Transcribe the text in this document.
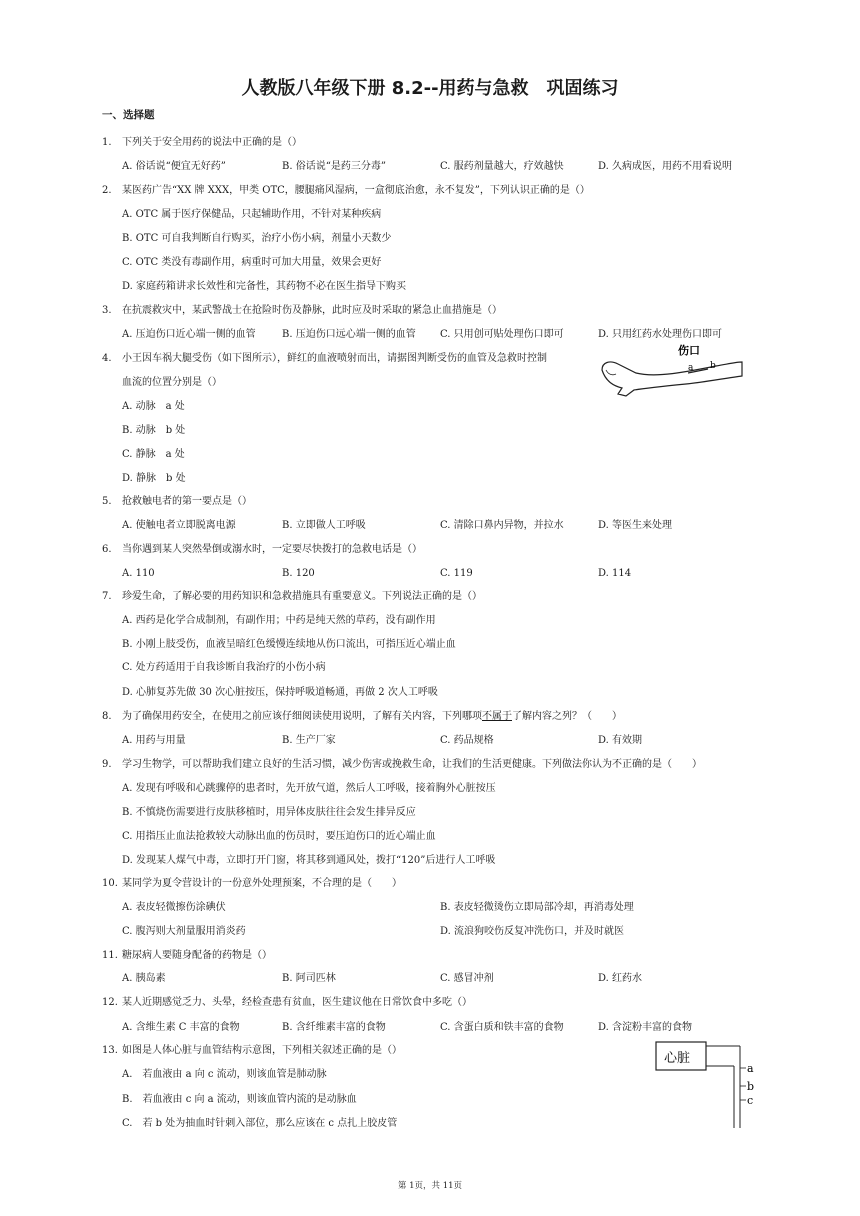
人教版八年级下册 8.2--用药与急救　巩固练习
一、选择题
1. 下列关于安全用药的说法中正确的是（）
A. 俗话说“便宜无好药”	B. 俗话说“是药三分毒”	C. 服药剂量越大，疗效越快	D. 久病成医，用药不用看说明
2. 某医药广告“XX 牌 XXX，甲类 OTC，腰腿痛风湿病，一盒彻底治愈，永不复发”，下列认识正确的是（）
A. OTC 属于医疗保健品，只起辅助作用，不针对某种疾病
B. OTC 可自我判断自行购买，治疗小伤小病，剂量小天数少
C. OTC 类没有毒副作用，病重时可加大用量，效果会更好
D. 家庭药箱讲求长效性和完备性，其药物不必在医生指导下购买
3. 在抗震救灾中，某武警战士在抢险时伤及静脉，此时应及时采取的紧急止血措施是（）
A. 压迫伤口近心端一侧的血管	B. 压迫伤口远心端一侧的血管 C. 只用创可贴处理伤口即可	D. 只用红药水处理伤口即可
4. 小王因车祸大腿受伤（如下图所示），鲜红的血液喷射而出，请据图判断受伤的血管及急救时控制
血流的位置分别是（）
A. 动脉　a 处
B. 动脉　b 处
C. 静脉　a 处
D. 静脉　b 处
5. 抢救触电者的第一要点是（）
A. 使触电者立即脱离电源	B. 立即做人工呼吸	C. 清除口鼻内异物，并拉水	D. 等医生来处理
6. 当你遇到某人突然晕倒或溺水时，一定要尽快拨打的急救电话是（）
A. 110	B. 120	C. 119	D. 114
7. 珍爱生命，了解必要的用药知识和急救措施具有重要意义。下列说法正确的是（）
A. 西药是化学合成制剂，有副作用；中药是纯天然的草药，没有副作用
B. 小刚上肢受伤，血液呈暗红色缓慢连续地从伤口流出，可指压近心端止血
C. 处方药适用于自我诊断自我治疗的小伤小病
D. 心肺复苏先做 30 次心脏按压，保持呼吸道畅通，再做 2 次人工呼吸
8. 为了确保用药安全，在使用之前应该仔细阅读使用说明，了解有关内容，下列哪项不属于了解内容之列？（　　）
A. 用药与用量	B. 生产厂家	C. 药品规格	D. 有效期
9. 学习生物学，可以帮助我们建立良好的生活习惯，减少伤害或挽救生命，让我们的生活更健康。下列做法你认为不正确的是（　　）
A. 发现有呼吸和心跳骤停的患者时，先开放气道，然后人工呼吸，接着胸外心脏按压
B. 不慎烧伤需要进行皮肤移植时，用异体皮肤往往会发生排异反应
C. 用指压止血法抢救较大动脉出血的伤员时，要压迫伤口的近心端止血
D. 发现某人煤气中毒，立即打开门窗，将其移到通风处，拨打“120”后进行人工呼吸
10. 某同学为夏令营设计的一份意外处理预案，不合理的是（　　）
A. 表皮轻微擦伤涂碘伏	B. 表皮轻微烫伤立即局部冷却，再消毒处理
C. 腹泻则大剂量服用消炎药	D. 流浪狗咬伤反复冲洗伤口，并及时就医
11. 糖尿病人要随身配备的药物是（）
A. 胰岛素	B. 阿司匹林	C. 感冒冲剂	D. 红药水
12. 某人近期感觉乏力、头晕，经检查患有贫血，医生建议他在日常饮食中多吃（）
A. 含维生素 C 丰富的食物	B. 含纤维素丰富的食物	C. 含蛋白质和铁丰富的食物	D. 含淀粉丰富的食物
13. 如图是人体心脏与血管结构示意图，下列相关叙述正确的是（）
A.　若血液由 a 向 c 流动，则该血管是肺动脉
B.　若血液由 c 向 a 流动，则该血管内流的是动脉血
C.　若 b 处为抽血时针刺入部位，那么应该在 c 点扎上胶皮管
伤口
a b
心脏
a
b
c
第 1页，共 11页
